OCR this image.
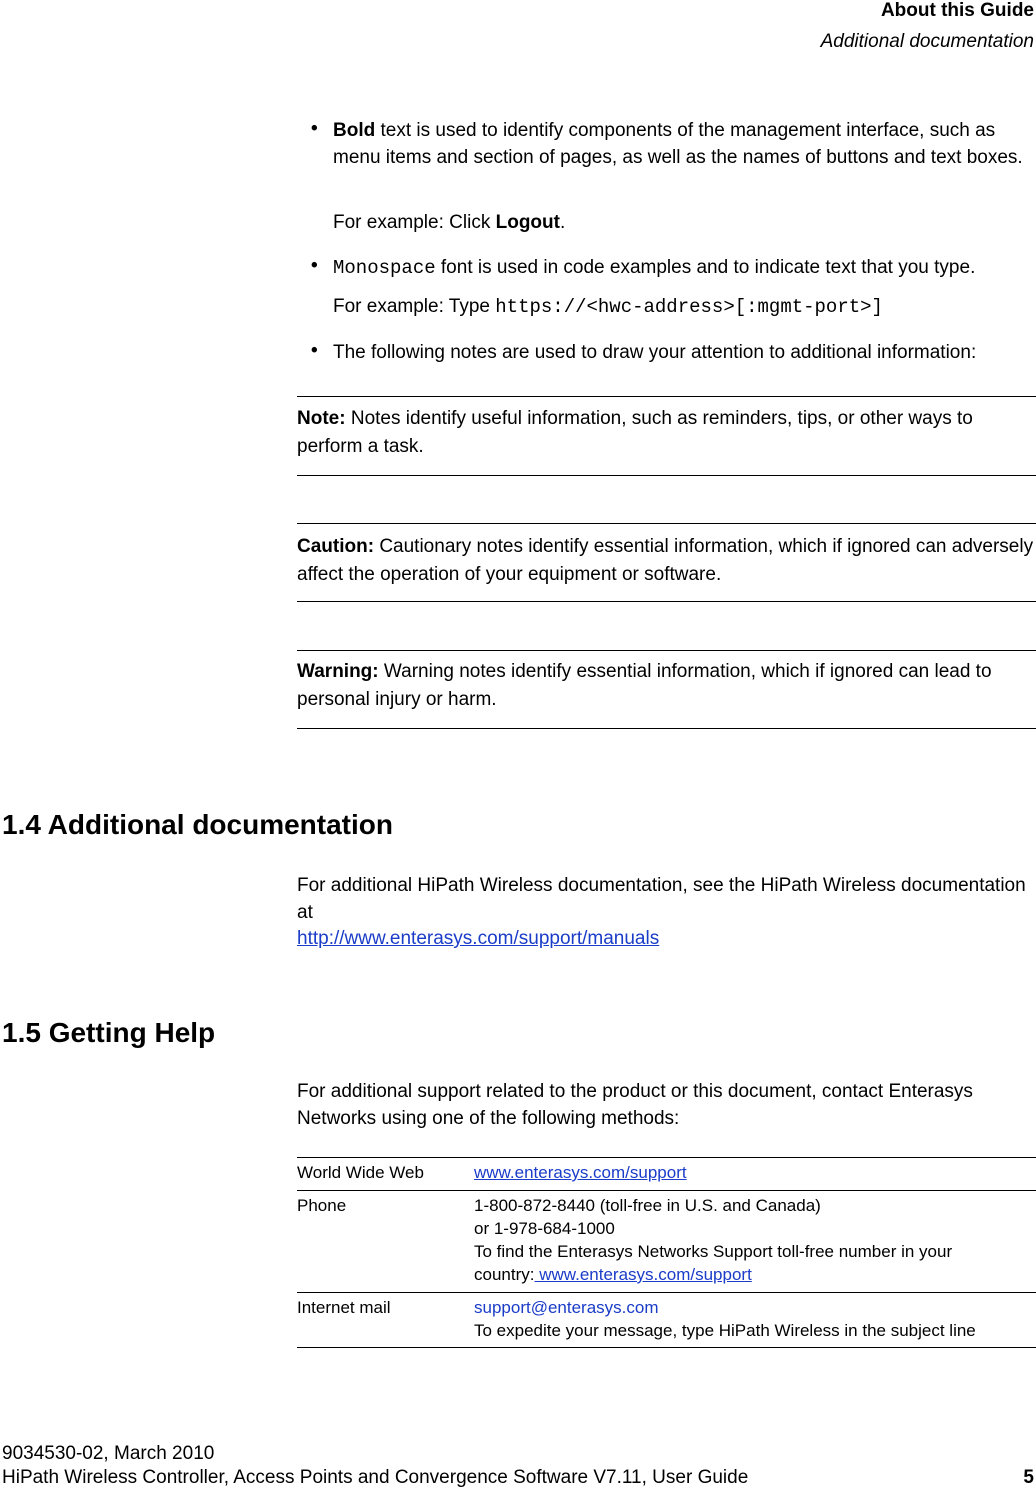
About this Guide
Additional documentation
• Bold text is used to identify components of the management interface, such as menu items and section of pages, as well as the names of buttons and text boxes.
For example: Click Logout.
• Monospace font is used in code examples and to indicate text that you type.
For example: Type https://<hwc-address>[:mgmt-port>]
• The following notes are used to draw your attention to additional information:
Note: Notes identify useful information, such as reminders, tips, or other ways to perform a task.
Caution: Cautionary notes identify essential information, which if ignored can adversely affect the operation of your equipment or software.
Warning: Warning notes identify essential information, which if ignored can lead to personal injury or harm.
1.4 Additional documentation
For additional HiPath Wireless documentation, see the HiPath Wireless documentation at
http://www.enterasys.com/support/manuals
1.5 Getting Help
For additional support related to the product or this document, contact Enterasys Networks using one of the following methods:
World Wide Web	www.enterasys.com/support
Phone	1-800-872-8440 (toll-free in U.S. and Canada)
or 1-978-684-1000
To find the Enterasys Networks Support toll-free number in your
country: www.enterasys.com/support
Internet mail	support@enterasys.com
To expedite your message, type HiPath Wireless in the subject line
9034530-02, March 2010
HiPath Wireless Controller, Access Points and Convergence Software V7.11, User Guide	5
